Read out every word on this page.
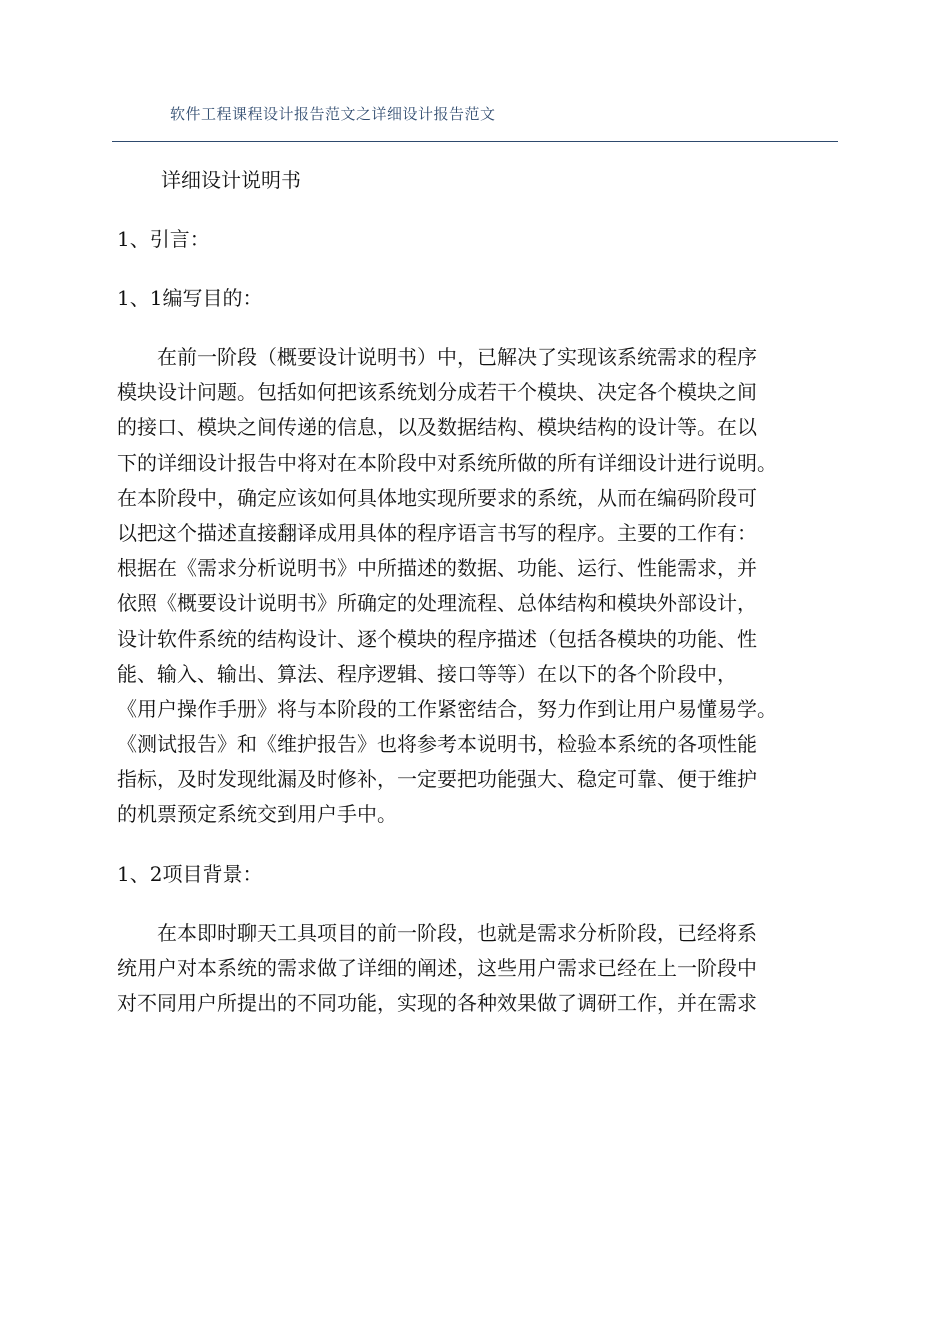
软件工程课程设计报告范文之详细设计报告范文
详细设计说明书
1、引言：
1、1编写目的：
　　在前一阶段（概要设计说明书）中，已解决了实现该系统需求的程序
模块设计问题。包括如何把该系统划分成若干个模块、决定各个模块之间
的接口、模块之间传递的信息，以及数据结构、模块结构的设计等。在以
下的详细设计报告中将对在本阶段中对系统所做的所有详细设计进行说明。
在本阶段中，确定应该如何具体地实现所要求的系统，从而在编码阶段可
以把这个描述直接翻译成用具体的程序语言书写的程序。主要的工作有：
根据在《需求分析说明书》中所描述的数据、功能、运行、性能需求，并
依照《概要设计说明书》所确定的处理流程、总体结构和模块外部设计，
设计软件系统的结构设计、逐个模块的程序描述（包括各模块的功能、性
能、输入、输出、算法、程序逻辑、接口等等）在以下的各个阶段中，
《用户操作手册》将与本阶段的工作紧密结合，努力作到让用户易懂易学。
《测试报告》和《维护报告》也将参考本说明书，检验本系统的各项性能
指标，及时发现纰漏及时修补，一定要把功能强大、稳定可靠、便于维护
的机票预定系统交到用户手中。
1、2项目背景：
　　在本即时聊天工具项目的前一阶段，也就是需求分析阶段，已经将系
统用户对本系统的需求做了详细的阐述，这些用户需求已经在上一阶段中
对不同用户所提出的不同功能，实现的各种效果做了调研工作，并在需求
